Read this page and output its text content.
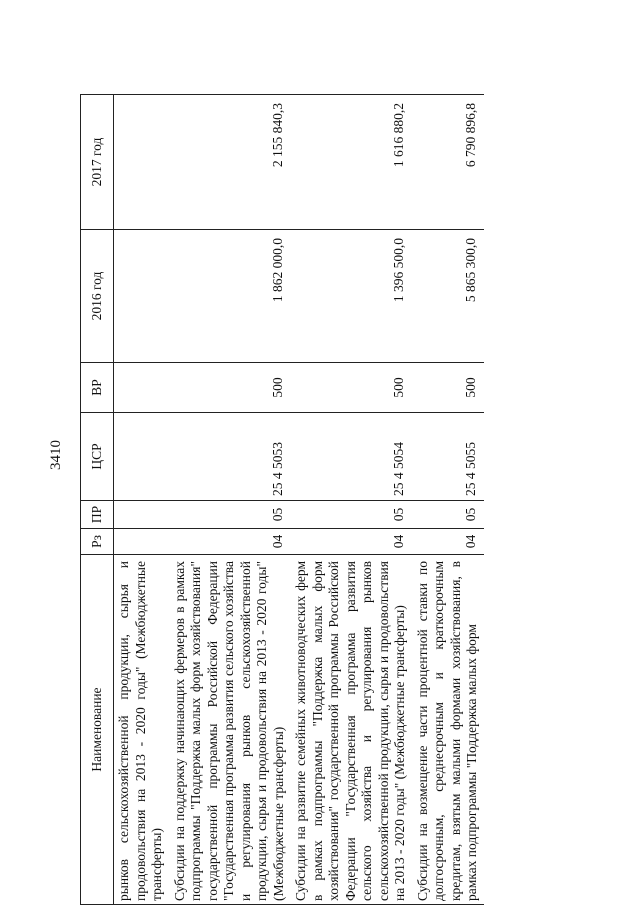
3410
Наименование	Рз	ПР	ЦСР	ВР	2016 год	2017 год
рынков сельскохозяйственной продукции, сырья и продовольствия на 2013 - 2020 годы" (Межбюджетные трансферты)						
Субсидии на поддержку начинающих фермеров в рамках подпрограммы "Поддержка малых форм хозяйствования" государственной программы Российской Федерации "Государственная программа развития сельского хозяйства и регулирования рынков сельскохозяйственной продукции, сырья и продовольствия на 2013 - 2020 годы" (Межбюджетные трансферты)	04	05	25 4 5053	500	1 862 000,0	2 155 840,3
Субсидии на развитие семейных животноводческих ферм в рамках подпрограммы "Поддержка малых форм хозяйствования" государственной программы Российской Федерации "Государственная программа развития сельского хозяйства и регулирования рынков сельскохозяйственной продукции, сырья и продовольствия на 2013 - 2020 годы" (Межбюджетные трансферты)	04	05	25 4 5054	500	1 396 500,0	1 616 880,2
Субсидии на возмещение части процентной ставки по долгосрочным, среднесрочным и краткосрочным кредитам, взятым малыми формами хозяйствования, в рамках подпрограммы "Поддержка малых форм	04	05	25 4 5055	500	5 865 300,0	6 790 896,8
